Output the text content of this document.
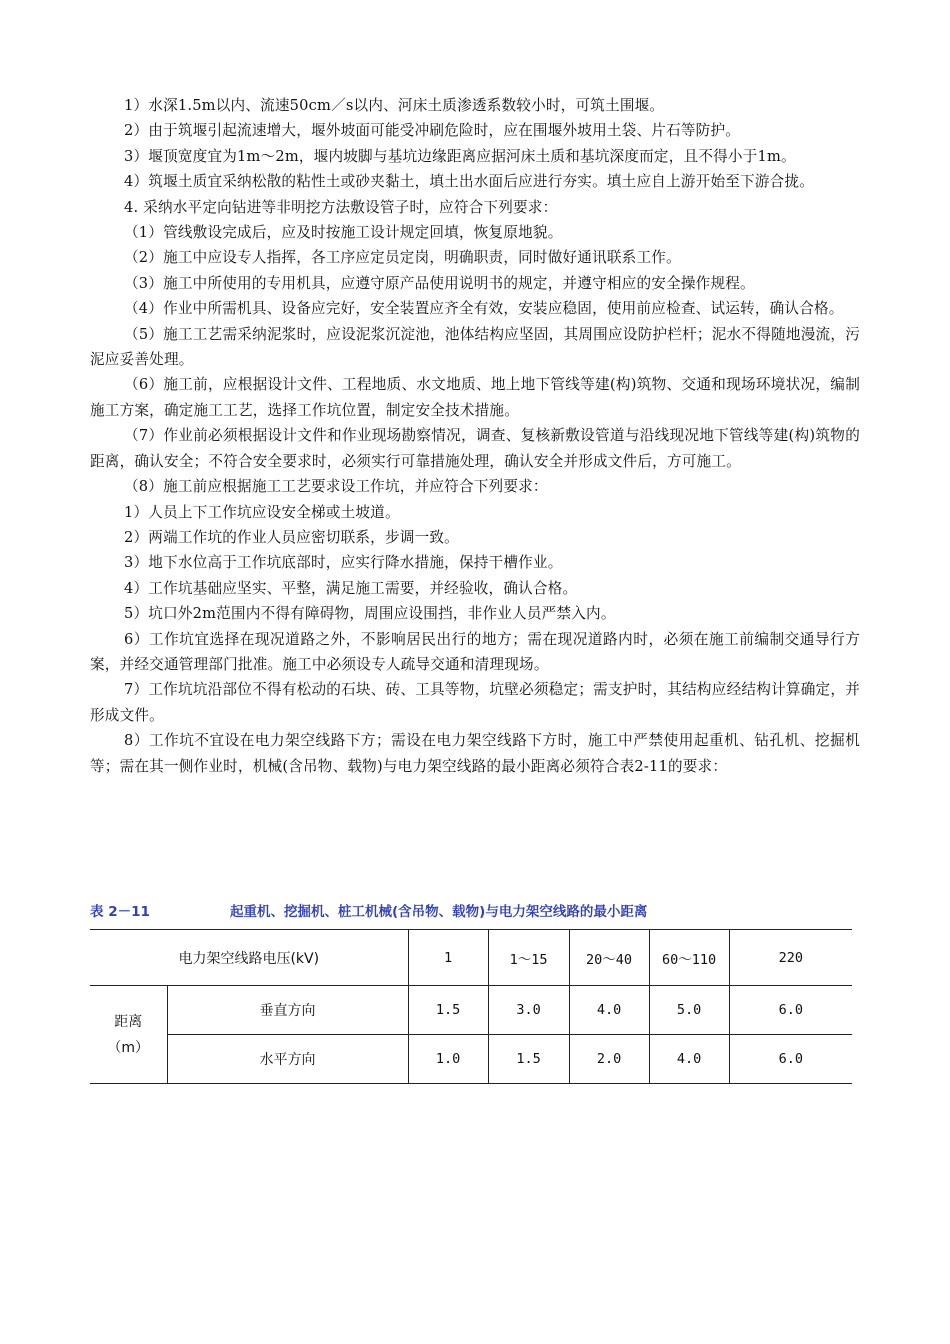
1）水深1.5m以内、流速50cm／s以内、河床土质渗透系数较小时，可筑土围堰。

2）由于筑堰引起流速增大，堰外坡面可能受冲刷危险时，应在围堰外坡用土袋、片石等防护。

3）堰顶宽度宜为1m～2m，堰内坡脚与基坑边缘距离应据河床土质和基坑深度而定，且不得小于1m。

4）筑堰土质宜采纳松散的粘性土或砂夹黏土，填土出水面后应进行夯实。填土应自上游开始至下游合拢。

4. 采纳水平定向钻进等非明挖方法敷设管子时，应符合下列要求：

（1）管线敷设完成后，应及时按施工设计规定回填，恢复原地貌。

（2）施工中应设专人指挥，各工序应定员定岗，明确职责，同时做好通讯联系工作。

（3）施工中所使用的专用机具，应遵守原产品使用说明书的规定，并遵守相应的安全操作规程。

（4）作业中所需机具、设备应完好，安全装置应齐全有效，安装应稳固，使用前应检查、试运转，确认合格。

（5）施工工艺需采纳泥浆时，应设泥浆沉淀池，池体结构应坚固，其周围应设防护栏杆；泥水不得随地漫流，污泥应妥善处理。

（6）施工前，应根据设计文件、工程地质、水文地质、地上地下管线等建(构)筑物、交通和现场环境状况，编制施工方案，确定施工工艺，选择工作坑位置，制定安全技术措施。

（7）作业前必须根据设计文件和作业现场勘察情况，调查、复核新敷设管道与沿线现况地下管线等建(构)筑物的距离，确认安全；不符合安全要求时，必须实行可靠措施处理，确认安全并形成文件后，方可施工。

（8）施工前应根据施工工艺要求设工作坑，并应符合下列要求：

1）人员上下工作坑应设安全梯或土坡道。

2）两端工作坑的作业人员应密切联系，步调一致。

3）地下水位高于工作坑底部时，应实行降水措施，保持干槽作业。

4）工作坑基础应坚实、平整，满足施工需要，并经验收，确认合格。

5）坑口外2m范围内不得有障碍物，周围应设围挡，非作业人员严禁入内。

6）工作坑宜选择在现况道路之外，不影响居民出行的地方；需在现况道路内时，必须在施工前编制交通导行方案，并经交通管理部门批准。施工中必须设专人疏导交通和清理现场。

7）工作坑坑沿部位不得有松动的石块、砖、工具等物，坑壁必须稳定；需支护时，其结构应经结构计算确定，并形成文件。

8）工作坑不宜设在电力架空线路下方；需设在电力架空线路下方时，施工中严禁使用起重机、钻孔机、挖掘机等；需在其一侧作业时，机械(含吊物、载物)与电力架空线路的最小距离必须符合表2-11的要求：

表 2－11	起重机、挖掘机、桩工机械(含吊物、载物)与电力架空线路的最小距离
电力架空线路电压(kV)		1	1～15	20～40	60～110	220

距离
（m）	垂直方向	1.5	3.0	4.0	5.0	6.0
	水平方向	1.0	1.5	2.0	4.0	6.0
